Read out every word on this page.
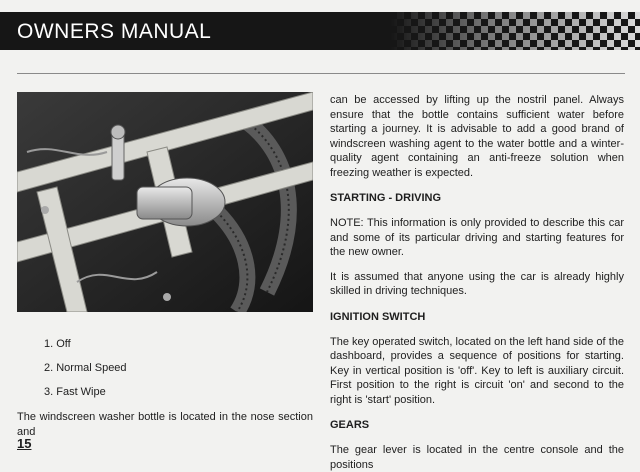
OWNERS MANUAL
1. Off
2. Normal Speed
3. Fast Wipe

The windscreen washer bottle is located in the nose section and

can be accessed by lifting up the nostril panel. Always ensure that the bottle contains sufficient water before starting a journey. It is advisable to add a good brand of windscreen washing agent to the water bottle and a winter-quality agent containing an anti-freeze solution when freezing weather is expected.

STARTING - DRIVING

NOTE: This information is only provided to describe this car and some of its particular driving and starting features for the new owner.

It is assumed that anyone using the car is already highly skilled in driving techniques.

IGNITION SWITCH

The key operated switch, located on the left hand side of the dashboard, provides a sequence of positions for starting. Key in vertical position is 'off'. Key to left is auxiliary circuit. First position to the right is circuit 'on' and second to the right is 'start' position.

GEARS

The gear lever is located in the centre console and the positions

15
